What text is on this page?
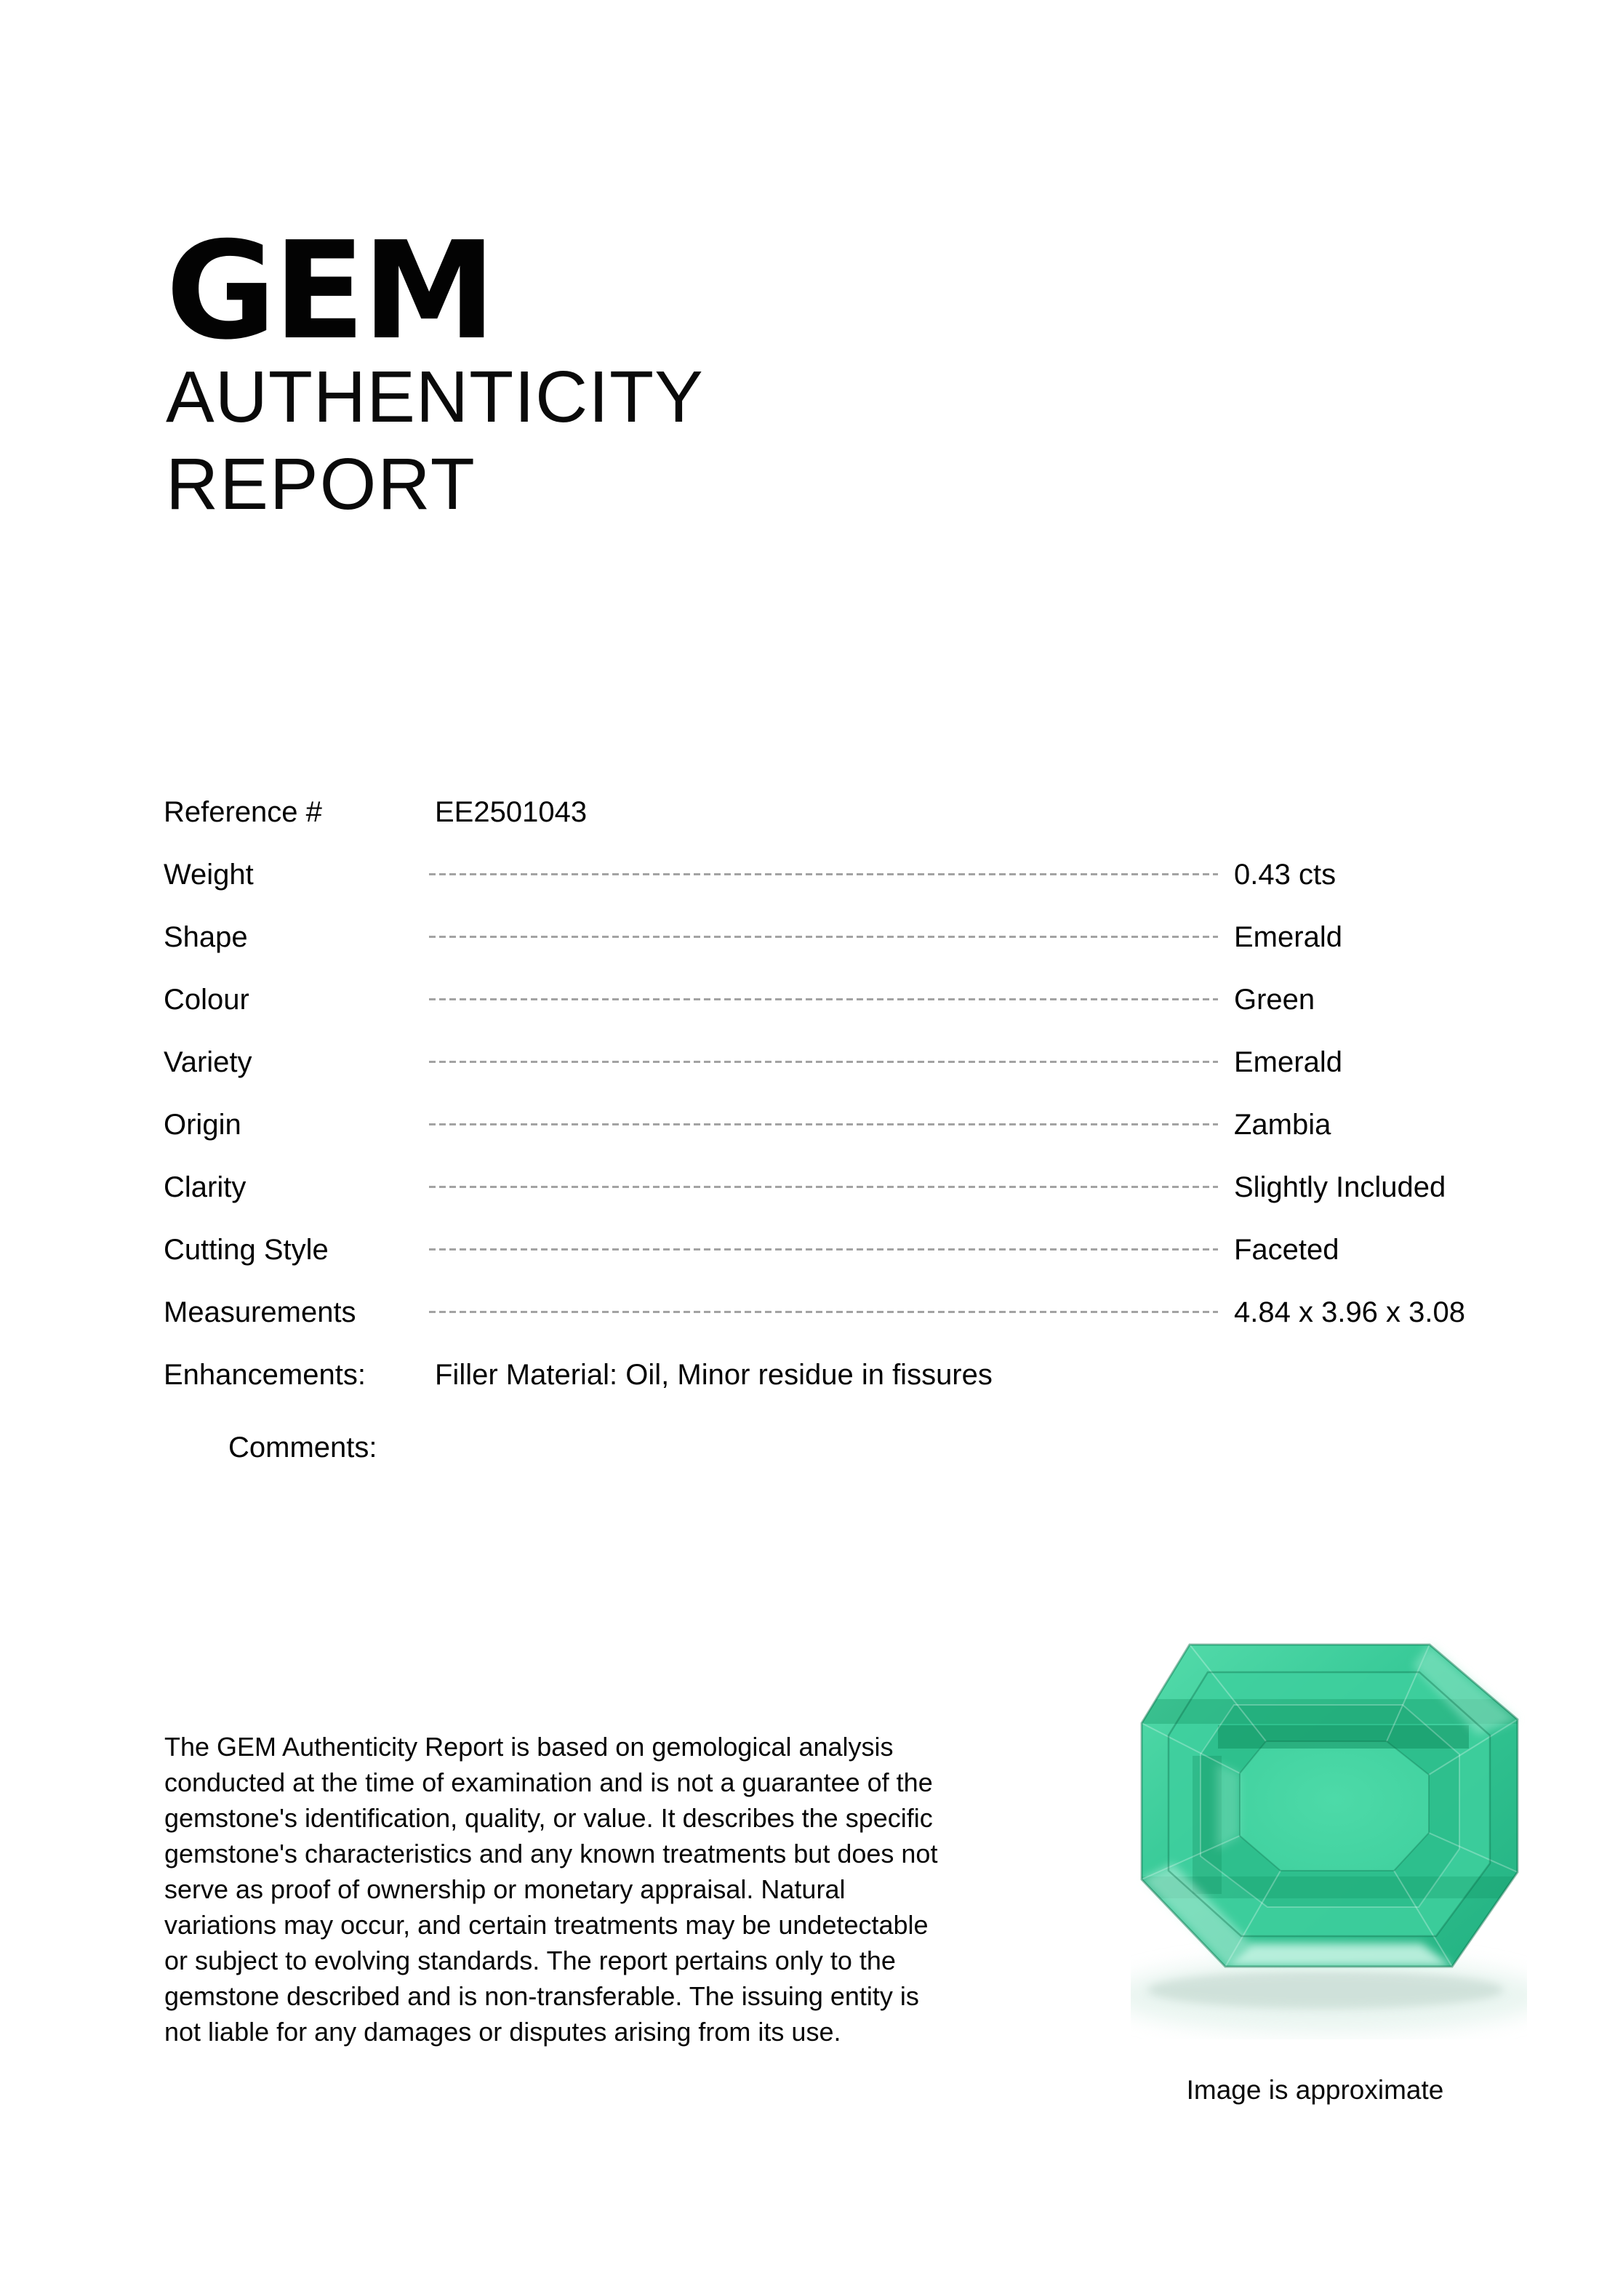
GEM
AUTHENTICITY
REPORT
Reference #	EE2501043
Weight	0.43 cts
Shape	Emerald
Colour	Green
Variety	Emerald
Origin	Zambia
Clarity	Slightly Included
Cutting Style	Faceted
Measurements	4.84 x 3.96 x 3.08
Enhancements:	Filler Material: Oil, Minor residue in fissures
Comments:
The GEM Authenticity Report is based on gemological analysis
conducted at the time of examination and is not a guarantee of the
gemstone's identification, quality, or value. It describes the specific
gemstone's characteristics and any known treatments but does not
serve as proof of ownership or monetary appraisal. Natural
variations may occur, and certain treatments may be undetectable
or subject to evolving standards. The report pertains only to the
gemstone described and is non-transferable. The issuing entity is
not liable for any damages or disputes arising from its use.
Image is approximate
